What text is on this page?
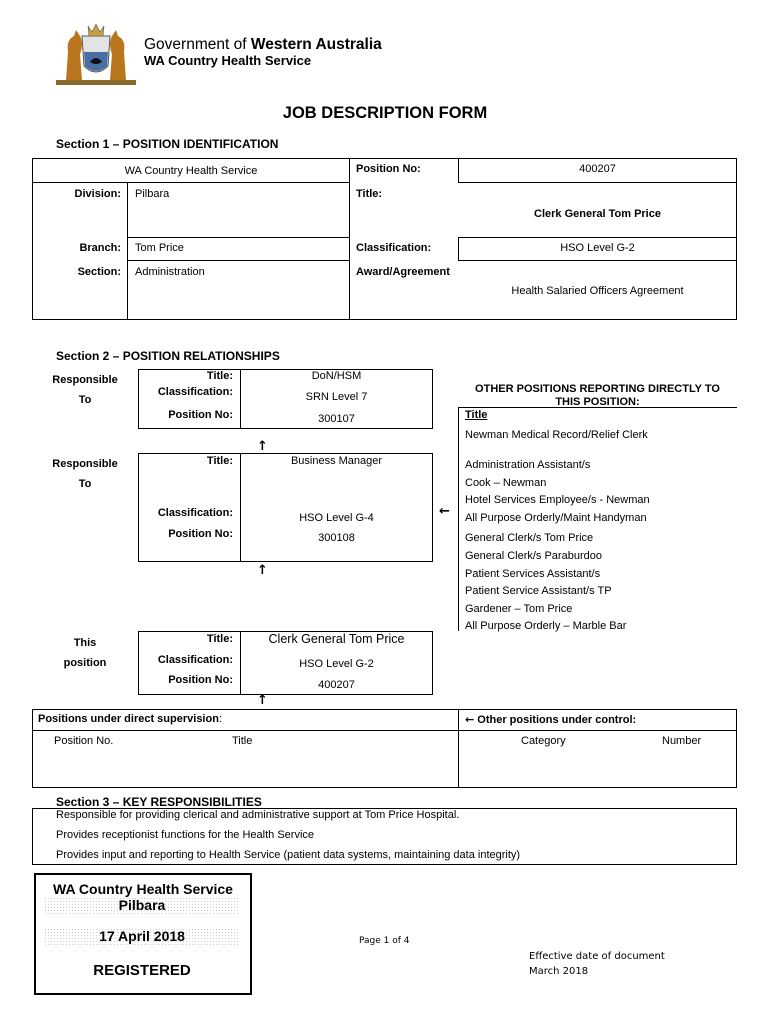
Government of Western Australia
WA Country Health Service
JOB DESCRIPTION FORM
Section 1 – POSITION IDENTIFICATION
WA Country Health Service	Position No:	400207
Division: Pilbara	Title:
Clerk General Tom Price
Branch: Tom Price	Classification:	HSO Level G-2
Section: Administration	Award/Agreement
Health Salaried Officers Agreement
Section 2 – POSITION RELATIONSHIPS
Responsible
To
Responsible
To
This
position
Title:	DoN/HSM
Classification:	SRN Level 7
Position No:	300107
↑
Title:	Business Manager
Classification:	HSO Level G-4
Position No:	300108
←
↑
Title:	Clerk General Tom Price
Classification:	HSO Level G-2
Position No:	400207
↑
OTHER POSITIONS REPORTING DIRECTLY TO
THIS POSITION:
Title
Newman Medical Record/Relief Clerk
Administration Assistant/s
Cook – Newman
Hotel Services Employee/s - Newman
All Purpose Orderly/Maint Handyman
General Clerk/s Tom Price
General Clerk/s Paraburdoo
Patient Services Assistant/s
Patient Service Assistant/s TP
Gardener – Tom Price
All Purpose Orderly – Marble Bar
Positions under direct supervision:	← Other positions under control:
Position No.	Title	Category	Number
Section 3 – KEY RESPONSIBILITIES
Responsible for providing clerical and administrative support at Tom Price Hospital.
Provides receptionist functions for the Health Service
Provides input and reporting to Health Service (patient data systems, maintaining data integrity)
WA Country Health Service
Pilbara
17 April 2018
REGISTERED
Page 1 of 4
Effective date of document
March 2018
